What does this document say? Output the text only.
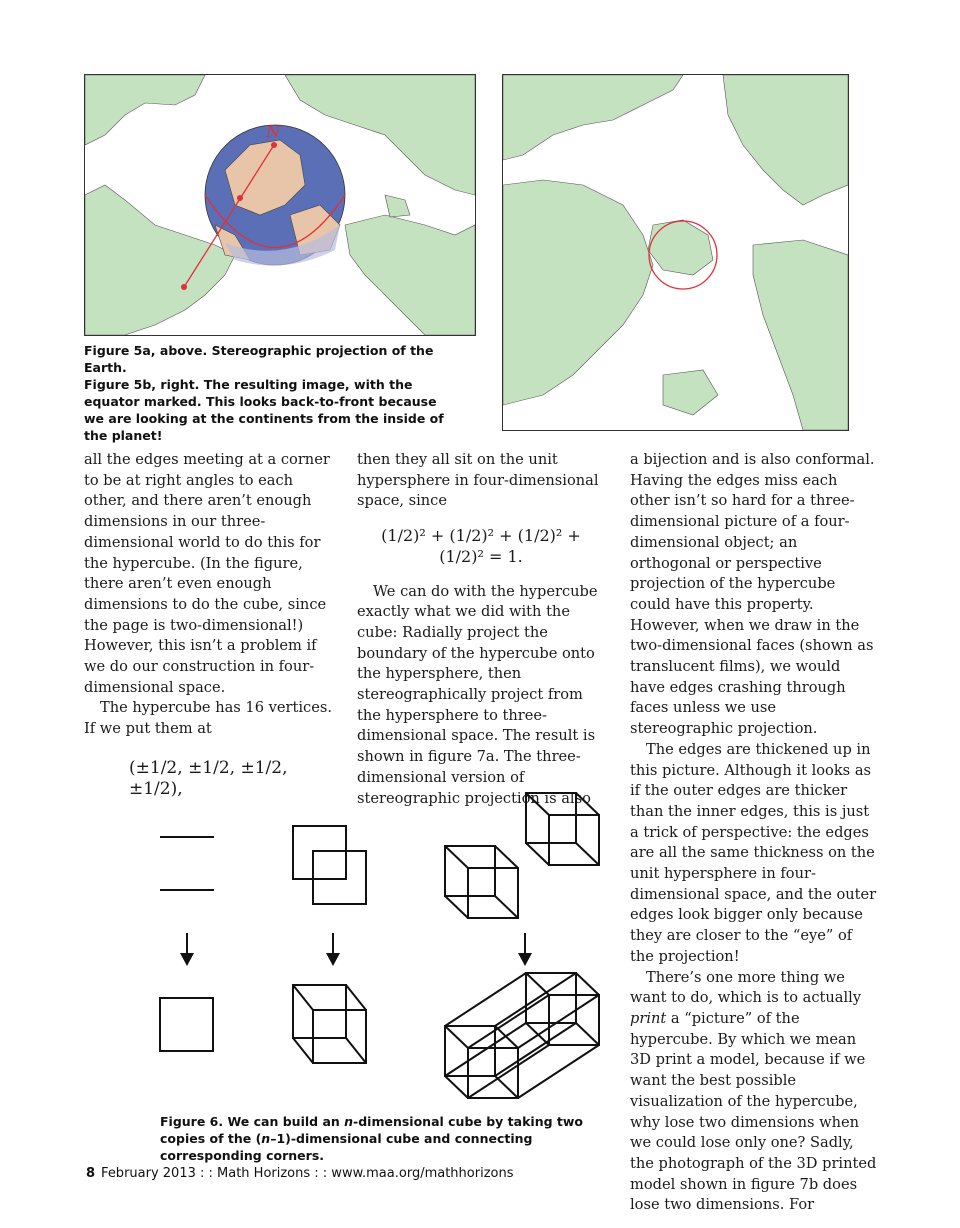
N
Figure 5a, above. Stereographic projection of the Earth.
Figure 5b, right. The resulting image, with the equator marked. This looks back-to-front because we are looking at the continents from the inside of the planet!

all the edges meeting at a corner to be at right angles to each other, and there aren’t enough dimensions in our three-dimensional world to do this for the hypercube. (In the figure, there aren’t even enough dimensions to do the cube, since the page is two-dimensional!) However, this isn’t a problem if we do our construction in four-dimensional space.

The hypercube has 16 vertices. If we put them at

(±1/2, ±1/2, ±1/2, ±1/2),

then they all sit on the unit hypersphere in four-dimensional space, since

(1/2)² + (1/2)² + (1/2)² + (1/2)² = 1.

We can do with the hypercube exactly what we did with the cube: Radially project the boundary of the hypercube onto the hypersphere, then stereographically project from the hypersphere to three-dimensional space. The result is shown in figure 7a. The three-dimensional version of stereographic projection is also

a bijection and is also conformal. Having the edges miss each other isn’t so hard for a three-dimensional picture of a four-dimensional object; an orthogonal or perspective projection of the hypercube could have this property. However, when we draw in the two-dimensional faces (shown as translucent films), we would have edges crashing through faces unless we use stereographic projection.

The edges are thickened up in this picture. Although it looks as if the outer edges are thicker than the inner edges, this is just a trick of perspective: the edges are all the same thickness on the unit hypersphere in four-dimensional space, and the outer edges look bigger only because they are closer to the “eye” of the projection!

There’s one more thing we want to do, which is to actually print a “picture” of the hypercube. By which we mean 3D print a model, because if we want the best possible visualization of the hypercube, why lose two dimensions when we could lose only one? Sadly, the photograph of the 3D printed model shown in figure 7b does lose two dimensions. For

Figure 6. We can build an n-dimensional cube by taking two copies of the (n–1)-dimensional cube and connecting corresponding corners.
8 February 2013 : : Math Horizons : : www.maa.org/mathhorizons
